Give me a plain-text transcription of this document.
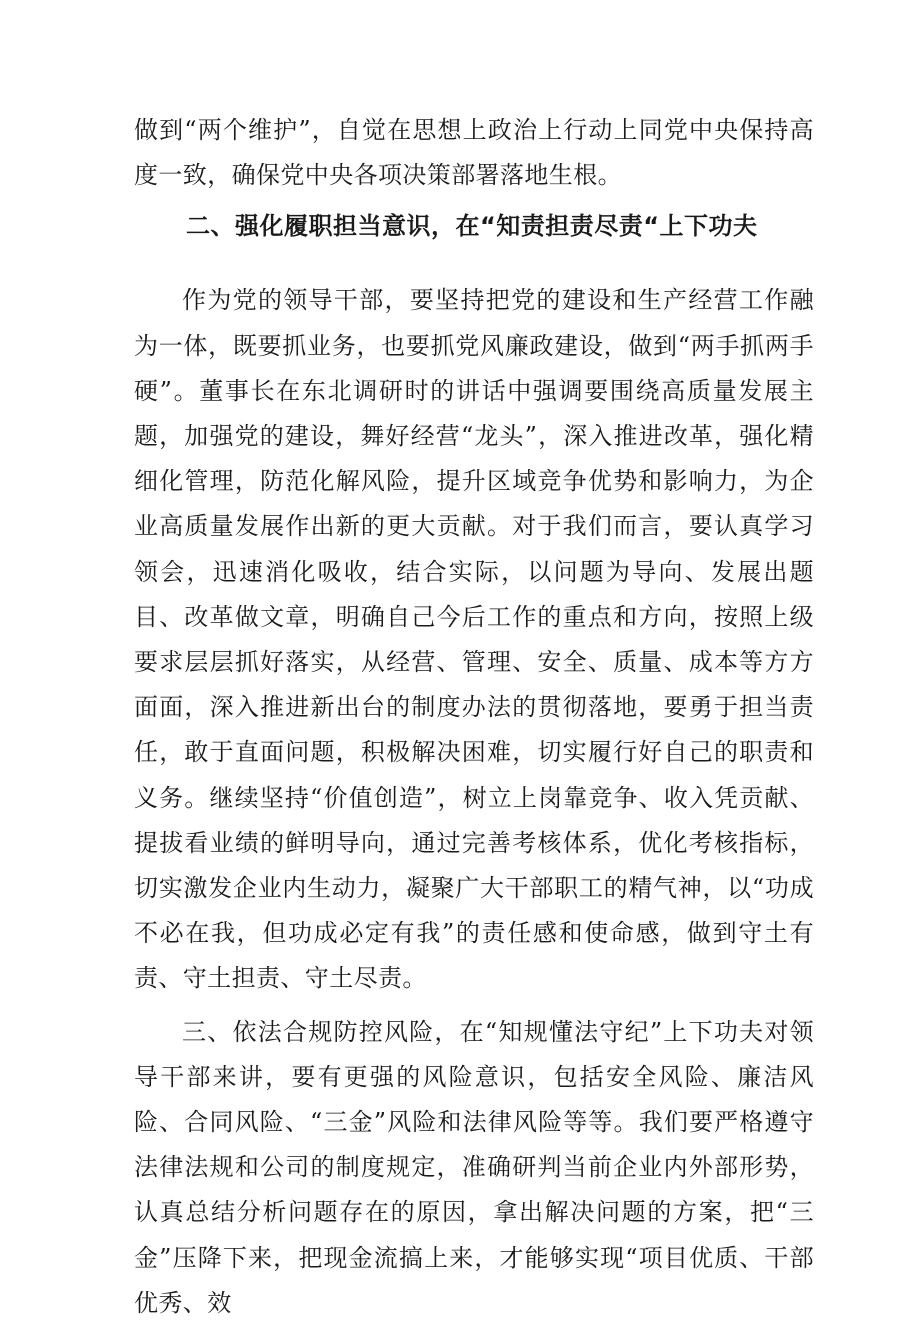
做到“两个维护”，自觉在思想上政治上行动上同党中央保持高度一致，确保党中央各项决策部署落地生根。

二、强化履职担当意识，在“知责担责尽责“上下功夫

作为党的领导干部，要坚持把党的建设和生产经营工作融为一体，既要抓业务，也要抓党风廉政建设，做到“两手抓两手硬”。董事长在东北调研时的讲话中强调要围绕高质量发展主题，加强党的建设，舞好经营“龙头”，深入推进改革，强化精细化管理，防范化解风险，提升区域竞争优势和影响力，为企业高质量发展作出新的更大贡献。对于我们而言，要认真学习领会，迅速消化吸收，结合实际，以问题为导向、发展出题目、改革做文章，明确自己今后工作的重点和方向，按照上级要求层层抓好落实，从经营、管理、安全、质量、成本等方方面面，深入推进新出台的制度办法的贯彻落地，要勇于担当责任，敢于直面问题，积极解决困难，切实履行好自己的职责和义务。继续坚持“价值创造”，树立上岗靠竞争、收入凭贡献、提拔看业绩的鲜明导向，通过完善考核体系，优化考核指标，切实激发企业内生动力，凝聚广大干部职工的精气神，以“功成不必在我，但功成必定有我”的责任感和使命感，做到守土有责、守土担责、守土尽责。

三、依法合规防控风险，在“知规懂法守纪”上下功夫对领导干部来讲，要有更强的风险意识，包括安全风险、廉洁风险、合同风险、“三金”风险和法律风险等等。我们要严格遵守法律法规和公司的制度规定，准确研判当前企业内外部形势，认真总结分析问题存在的原因，拿出解决问题的方案，把“三金”压降下来，把现金流搞上来，才能够实现“项目优质、干部优秀、效
